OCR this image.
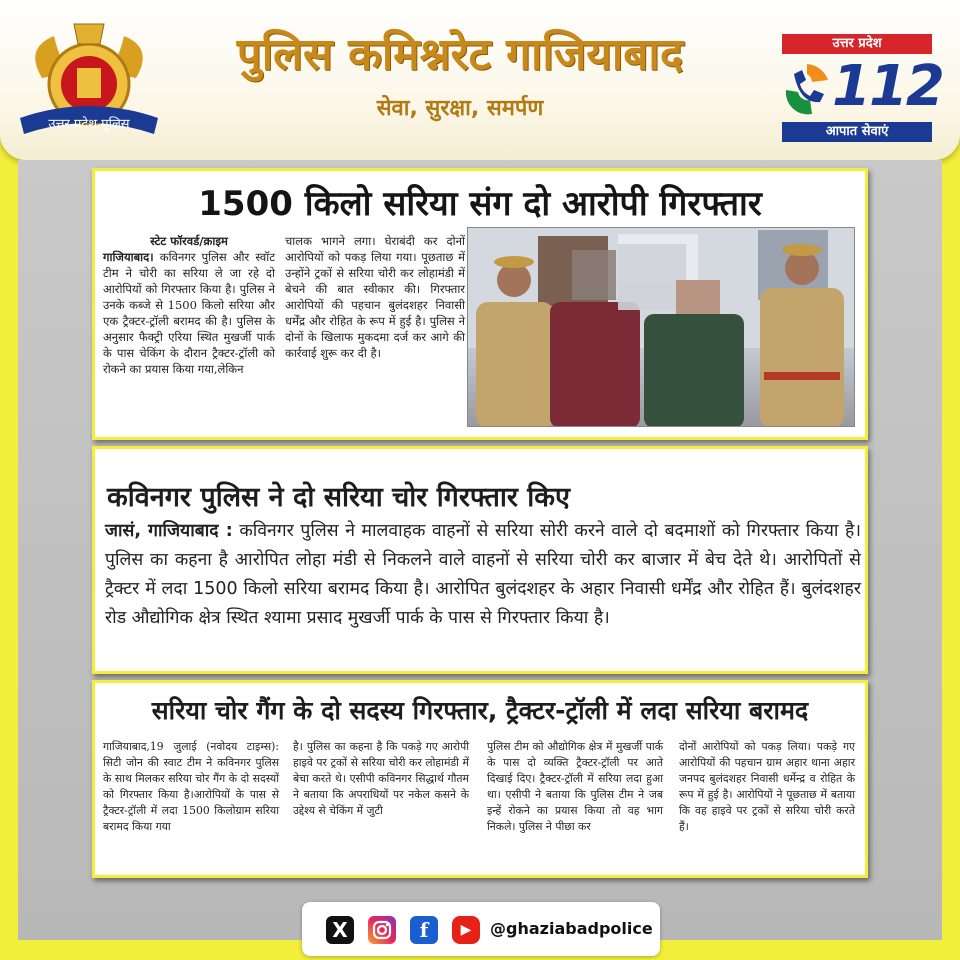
उत्तर प्रदेश पुलिस
पुलिस कमिश्नरेट गाजियाबाद
सेवा, सुरक्षा, समर्पण
उत्तर प्रदेश
112
आपात सेवाएं
1500 किलो सरिया संग दो आरोपी गिरफ्तार
स्टेट फॉरवर्ड/क्राइम
गाजियाबाद। कविनगर पुलिस और स्वॉट टीम ने चोरी का सरिया ले जा रहे दो आरोपियों को गिरफ्तार किया है। पुलिस ने उनके कब्जे से 1500 किलो सरिया और एक ट्रैक्टर-ट्रॉली बरामद की है। पुलिस के अनुसार फैक्ट्री एरिया स्थित मुखर्जी पार्क के पास चेकिंग के दौरान ट्रैक्टर-ट्रॉली को रोकने का प्रयास किया गया,लेकिन
चालक भागने लगा। घेराबंदी कर दोनों आरोपियों को पकड़ लिया गया। पूछताछ में उन्होंने ट्रकों से सरिया चोरी कर लोहामंडी में बेचने की बात स्वीकार की। गिरफ्तार आरोपियों की पहचान बुलंदशहर निवासी धर्मेंद्र और रोहित के रूप में हुई है। पुलिस ने दोनों के खिलाफ मुकदमा दर्ज कर आगे की कार्रवाई शुरू कर दी है।
कविनगर पुलिस ने दो सरिया चोर गिरफ्तार किए
जासं, गाजियाबाद : कविनगर पुलिस ने मालवाहक वाहनों से सरिया सोरी करने वाले दो बदमाशों को गिरफ्तार किया है। पुलिस का कहना है आरोपित लोहा मंडी से निकलने वाले वाहनों से सरिया चोरी कर बाजार में बेच देते थे। आरोपितों से ट्रैक्टर में लदा 1500 किलो सरिया बरामद किया है। आरोपित बुलंदशहर के अहार निवासी धर्मेंद्र और रोहित हैं। बुलंदशहर रोड औद्योगिक क्षेत्र स्थित श्यामा प्रसाद मुखर्जी पार्क के पास से गिरफ्तार किया है।
सरिया चोर गैंग के दो सदस्य गिरफ्तार, ट्रैक्टर-ट्रॉली में लदा सरिया बरामद
गाजियाबाद,19 जुलाई (नवोदय टाइम्स): सिटी जोन की स्वाट टीम ने कविनगर पुलिस के साथ मिलकर सरिया चोर गैंग के दो सदस्यों को गिरफ्तार किया है।आरोपियों के पास से ट्रैक्टर-ट्रॉली में लदा 1500 किलोग्राम सरिया बरामद किया गया
है। पुलिस का कहना है कि पकड़े गए आरोपी हाइवे पर ट्रकों से सरिया चोरी कर लोहामंडी में बेचा करते थे। एसीपी कविनगर सिद्धार्थ गौतम ने बताया कि अपराधियों पर नकेल कसने के उद्देश्य से चेकिंग में जुटी
पुलिस टीम को औद्योगिक क्षेत्र में मुखर्जी पार्क के पास दो व्यक्ति ट्रैक्टर-ट्रॉली पर आते दिखाई दिए। ट्रैक्टर-ट्रॉली में सरिया लदा हुआ था। एसीपी ने बताया कि पुलिस टीम ने जब इन्हें रोकने का प्रयास किया तो वह भाग निकले। पुलिस ने पीछा कर
दोनों आरोपियों को पकड़ लिया। पकड़े गए आरोपियों की पहचान ग्राम अहार थाना अहार जनपद बुलंदशहर निवासी धर्मेन्द्र व रोहित के रूप में हुई है। आरोपियों ने पूछताछ में बताया कि वह हाइवे पर ट्रकों से सरिया चोरी करते हैं।
X	f	▶	@ghaziabadpolice
